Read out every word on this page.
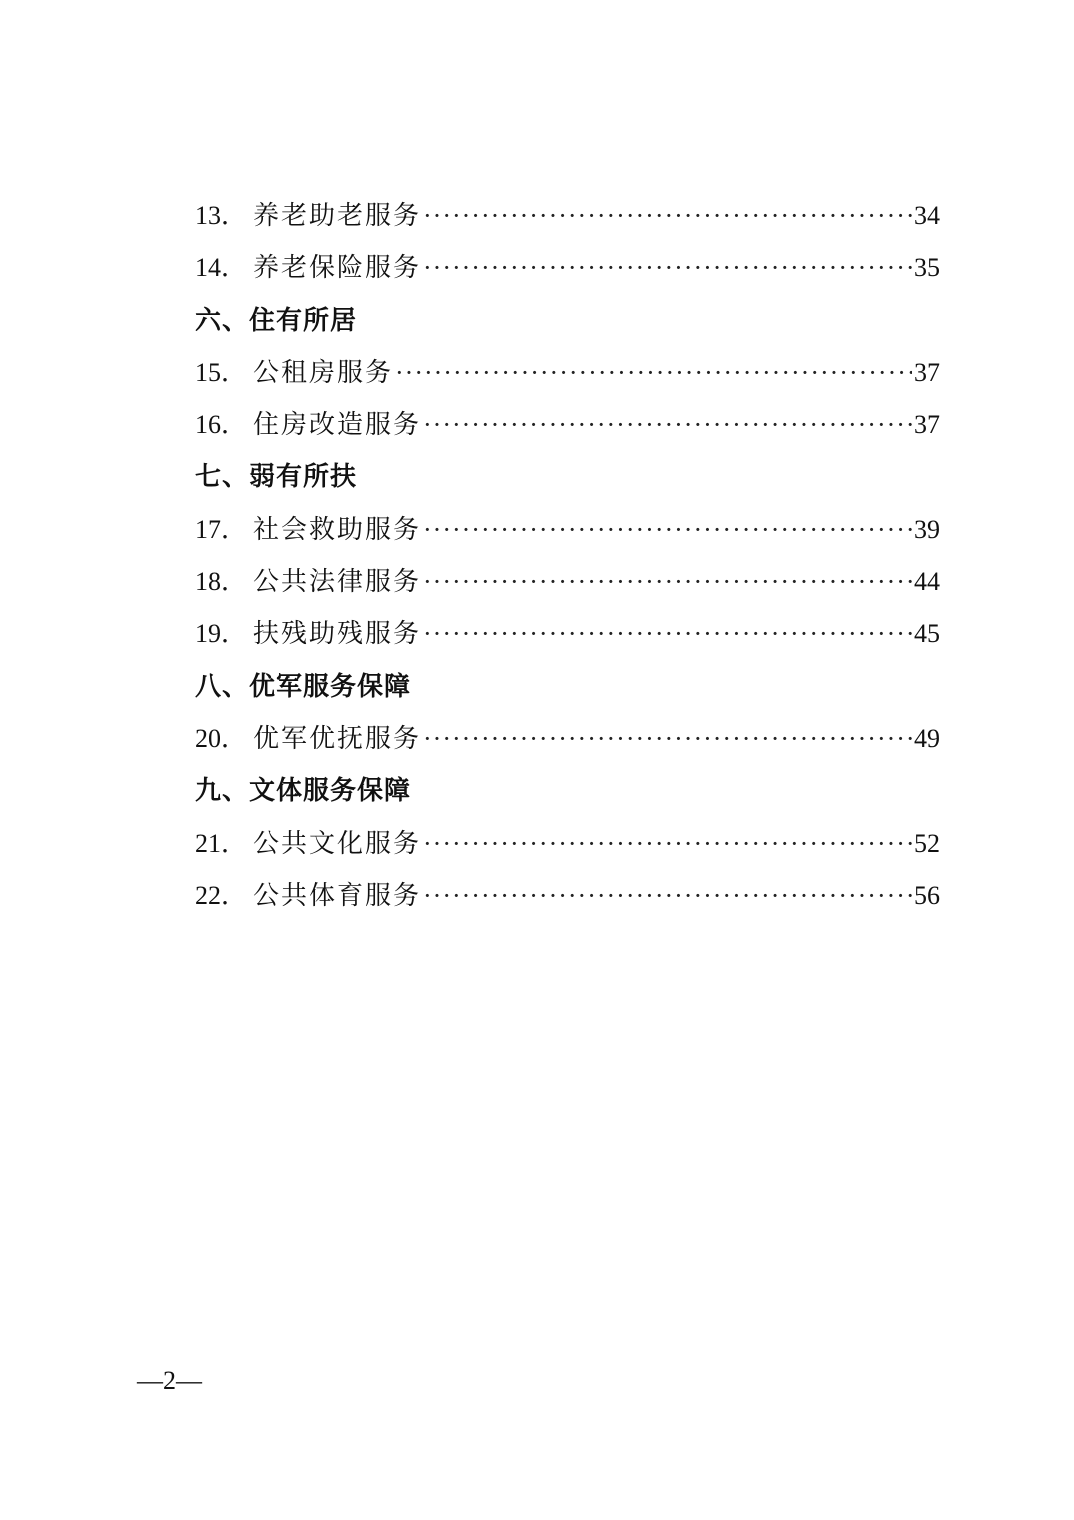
13． 养老助老服务 ·····	34
14． 养老保险服务 ·····	35
六、住有所居
15． 公租房服务 ·····	37
16． 住房改造服务 ·····	37
七、弱有所扶
17． 社会救助服务 ·····	39
18． 公共法律服务 ·····	44
19． 扶残助残服务 ·····	45
八、优军服务保障
20． 优军优抚服务 ·····	49
九、文体服务保障
21． 公共文化服务 ·····	52
22． 公共体育服务 ·····	56
—2—
